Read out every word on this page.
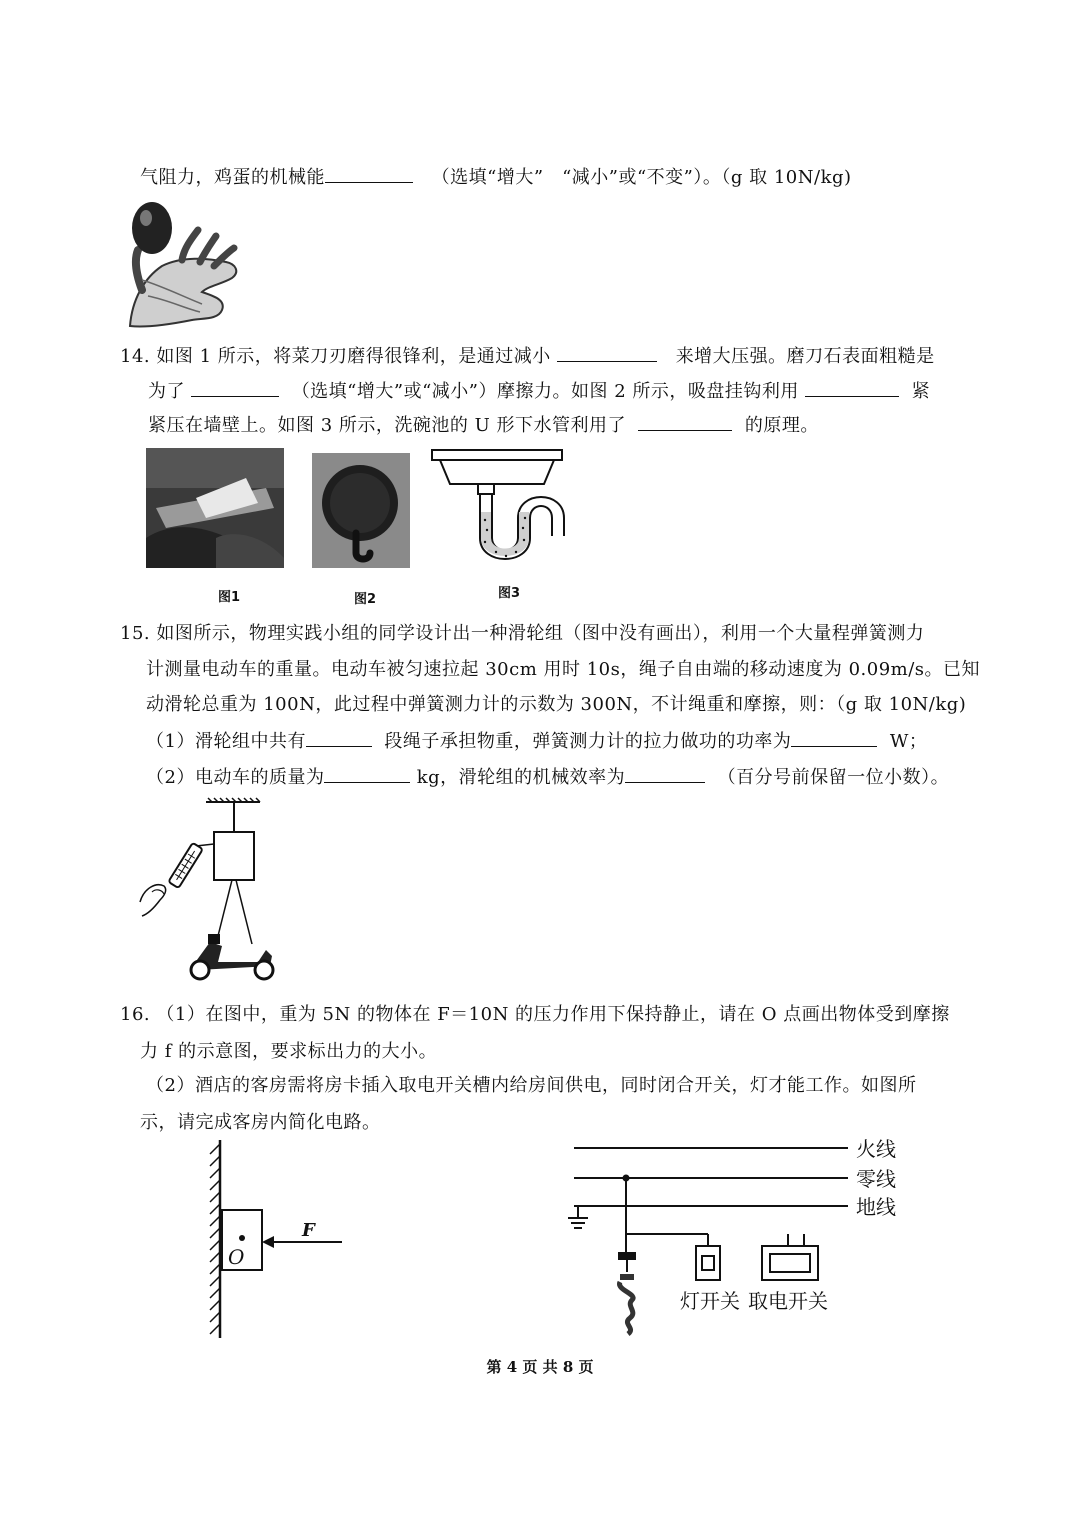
气阻力，鸡蛋的机械能	（选填“增大”　“减小”或“不变”）。（g 取 10N/kg)
14. 如图 1 所示，将菜刀刃磨得很锋利，是通过减小	来增大压强。磨刀石表面粗糙是
为了	（选填“增大”或“减小”）摩擦力。如图 2 所示，吸盘挂钩利用	紧
紧压在墙壁上。如图 3 所示，洗碗池的 U 形下水管利用了	的原理。
图1	图2	图3
15. 如图所示，物理实践小组的同学设计出一种滑轮组（图中没有画出），利用一个大量程弹簧测力
计测量电动车的重量。电动车被匀速拉起 30cm 用时 10s，绳子自由端的移动速度为 0.09m/s。已知
动滑轮总重为 100N，此过程中弹簧测力计的示数为 300N，不计绳重和摩擦，则：（g 取 10N/kg)
（1）滑轮组中共有	段绳子承担物重，弹簧测力计的拉力做功的功率为	W；
（2）电动车的质量为	kg，滑轮组的机械效率为	（百分号前保留一位小数）。
16. （1）在图中，重为 5N 的物体在 F＝10N 的压力作用下保持静止，请在 O 点画出物体受到摩擦
力 f 的示意图，要求标出力的大小。
（2）酒店的客房需将房卡插入取电开关槽内给房间供电，同时闭合开关，灯才能工作。如图所
示，请完成客房内简化电路。
O
F
火线
零线
地线
灯开关 取电开关
第 4 页 共 8 页
